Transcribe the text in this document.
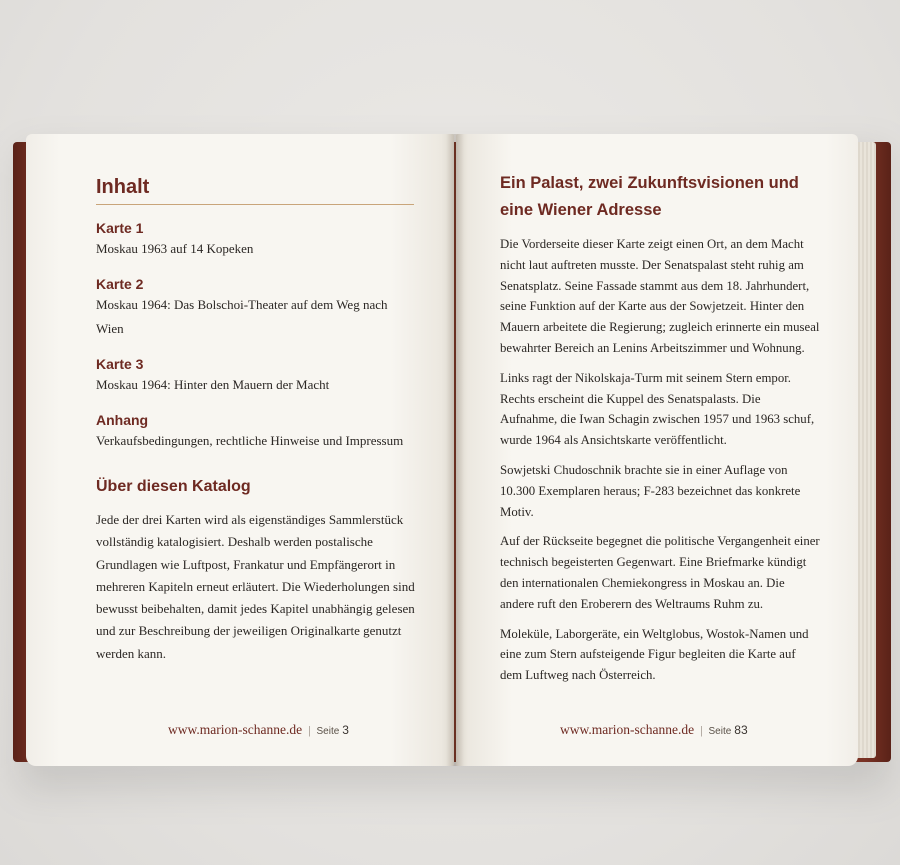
Inhalt
Karte 1
Moskau 1963 auf 14 Kopeken
Karte 2
Moskau 1964: Das Bolschoi-Theater auf dem Weg nach Wien
Karte 3
Moskau 1964: Hinter den Mauern der Macht
Anhang
Verkaufsbedingungen, rechtliche Hinweise und Impressum
Über diesen Katalog
Jede der drei Karten wird als eigenständiges Sammlerstück vollständig katalogisiert. Deshalb werden postalische Grundlagen wie Luftpost, Frankatur und Empfängerort in mehreren Kapiteln erneut erläutert. Die Wiederholungen sind bewusst beibehalten, damit jedes Kapitel unabhängig gelesen und zur Beschreibung der jeweiligen Originalkarte genutzt werden kann.
www.marion-schanne.de | Seite 3
Ein Palast, zwei Zukunftsvisionen und eine Wiener Adresse
Die Vorderseite dieser Karte zeigt einen Ort, an dem Macht nicht laut auftreten musste. Der Senatspalast steht ruhig am Senatsplatz. Seine Fassade stammt aus dem 18. Jahrhundert, seine Funktion auf der Karte aus der Sowjetzeit. Hinter den Mauern arbeitete die Regierung; zugleich erinnerte ein museal bewahrter Bereich an Lenins Arbeitszimmer und Wohnung.
Links ragt der Nikolskaja-Turm mit seinem Stern empor. Rechts erscheint die Kuppel des Senatspalasts. Die Aufnahme, die Iwan Schagin zwischen 1957 und 1963 schuf, wurde 1964 als Ansichtskarte veröffentlicht.
Sowjetski Chudoschnik brachte sie in einer Auflage von 10.300 Exemplaren heraus; F-283 bezeichnet das konkrete Motiv.
Auf der Rückseite begegnet die politische Vergangenheit einer technisch begeisterten Gegenwart. Eine Briefmarke kündigt den internationalen Chemiekongress in Moskau an. Die andere ruft den Eroberern des Weltraums Ruhm zu.
Moleküle, Laborgeräte, ein Weltglobus, Wostok-Namen und eine zum Stern aufsteigende Figur begleiten die Karte auf dem Luftweg nach Österreich.
www.marion-schanne.de | Seite 83
